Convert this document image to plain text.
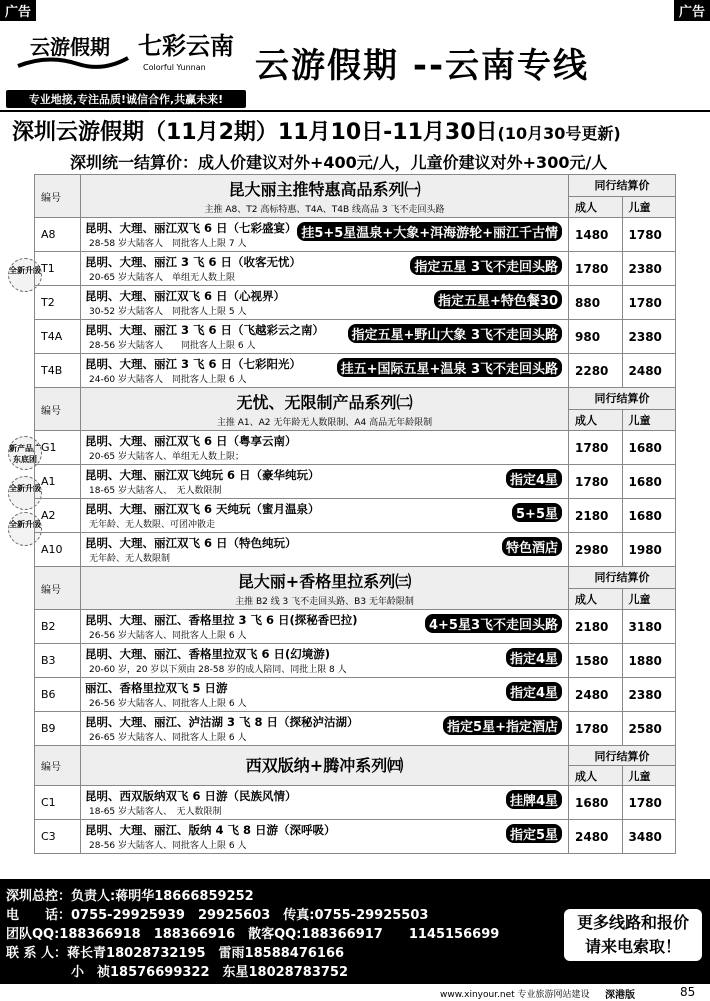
广告	广告
云游假期 七彩云南
Colorful Yunnan
专业地接,专注品质!诚信合作,共赢未来!
云游假期 --云南专线
深圳云游假期（11月2期）11月10日-11月30日(10月30号更新)
深圳统一结算价：成人价建议对外+400元/人，儿童价建议对外+300元/人
全新升级
新产品广东底团
全新升级
全新升级
编号	昆大丽主推特惠高品系列㈠
主推 A8、T2 高标特惠、T4A、T4B 线高品 3 飞不走回头路	同行结算价	
		成人	儿童
A8	昆明、大理、丽江双飞 6 日（七彩盛宴）
28-58 岁大陆客人　同批客人上限 7 人
挂5+5星温泉+大象+洱海游轮+丽江千古情	1480	1780
T1	昆明、大理、丽江 3 飞 6 日（收客无忧）
20-65 岁大陆客人　单组无人数上限
指定五星 3飞不走回头路	1780	2380
T2	昆明、大理、丽江双飞 6 日（心视界）
30-52 岁大陆客人　同批客人上限 5 人
指定五星+特色餐30	880	1780
T4A	昆明、大理、丽江 3 飞 6 日（飞越彩云之南）
28-56 岁大陆客人　　同批客人上限 6 人
指定五星+野山大象 3飞不走回头路	980	2380
T4B	昆明、大理、丽江 3 飞 6 日（七彩阳光）
24-60 岁大陆客人　同批客人上限 6 人
挂五+国际五星+温泉 3飞不走回头路	2280	2480
编号	无忧、无限制产品系列㈡
主推 A1、A2 无年龄无人数限制、A4 高品无年龄限制	同行结算价	
		成人	儿童
G1	昆明、大理、丽江双飞 6 日（粤享云南）
20-65 岁大陆客人、单组无人数上限；	1780	1680
A1	昆明、大理、丽江双飞纯玩 6 日（豪华纯玩）
18-65 岁大陆客人、　无人数限制
指定4星	1780	1680
A2	昆明、大理、丽江双飞 6 天纯玩（蜜月温泉）
无年龄、无人数限、可团冲散走
5+5星	2180	1680
A10	昆明、大理、丽江双飞 6 日（特色纯玩）
无年龄、无人数限制
特色酒店	2980	1980
编号	昆大丽+香格里拉系列㈢
主推 B2 线 3 飞不走回头路、B3 无年龄限制	同行结算价	
		成人	儿童
B2	昆明、大理、丽江、香格里拉 3 飞 6 日(探秘香巴拉)
26-56 岁大陆客人、同批客人上限 6 人
4+5星3飞不走回头路	2180	3180
B3	昆明、大理、丽江、香格里拉双飞 6 日(幻境游)
20-60 岁，20 岁以下须由 28-58 岁的成人陪同、同批上限 8 人
指定4星	1580	1880
B6	丽江、香格里拉双飞 5 日游
26-56 岁大陆客人、同批客人上限 6 人
指定4星	2480	2380
B9	昆明、大理、丽江、泸沽湖 3 飞 8 日（探秘泸沽湖）
26-65 岁大陆客人、同批客人上限 6 人
指定5星+指定酒店	1780	2580
编号	西双版纳+腾冲系列㈣	同行结算价	
		成人	儿童
C1	昆明、西双版纳双飞 6 日游（民族风情）
18-65 岁大陆客人、　无人数限制
挂牌4星	1680	1780
C3	昆明、大理、丽江、版纳 4 飞 8 日游（深呼吸）
28-56 岁大陆客人、同批客人上限 6 人
指定5星	2480	3480
深圳总控：负责人:蒋明华18666859252
电　　话：0755-29925939　29925603　传真:0755-29925503
团队QQ:188366918　188366916　散客QQ:188366917　　1145156699
联 系 人：蒋长青18028732195　雷雨18588476166
　　　　　小　祯18576699322　东星18028783752
更多线路和报价
请来电索取！
www.xinyour.net 专业旅游网站建设 深港版	85
